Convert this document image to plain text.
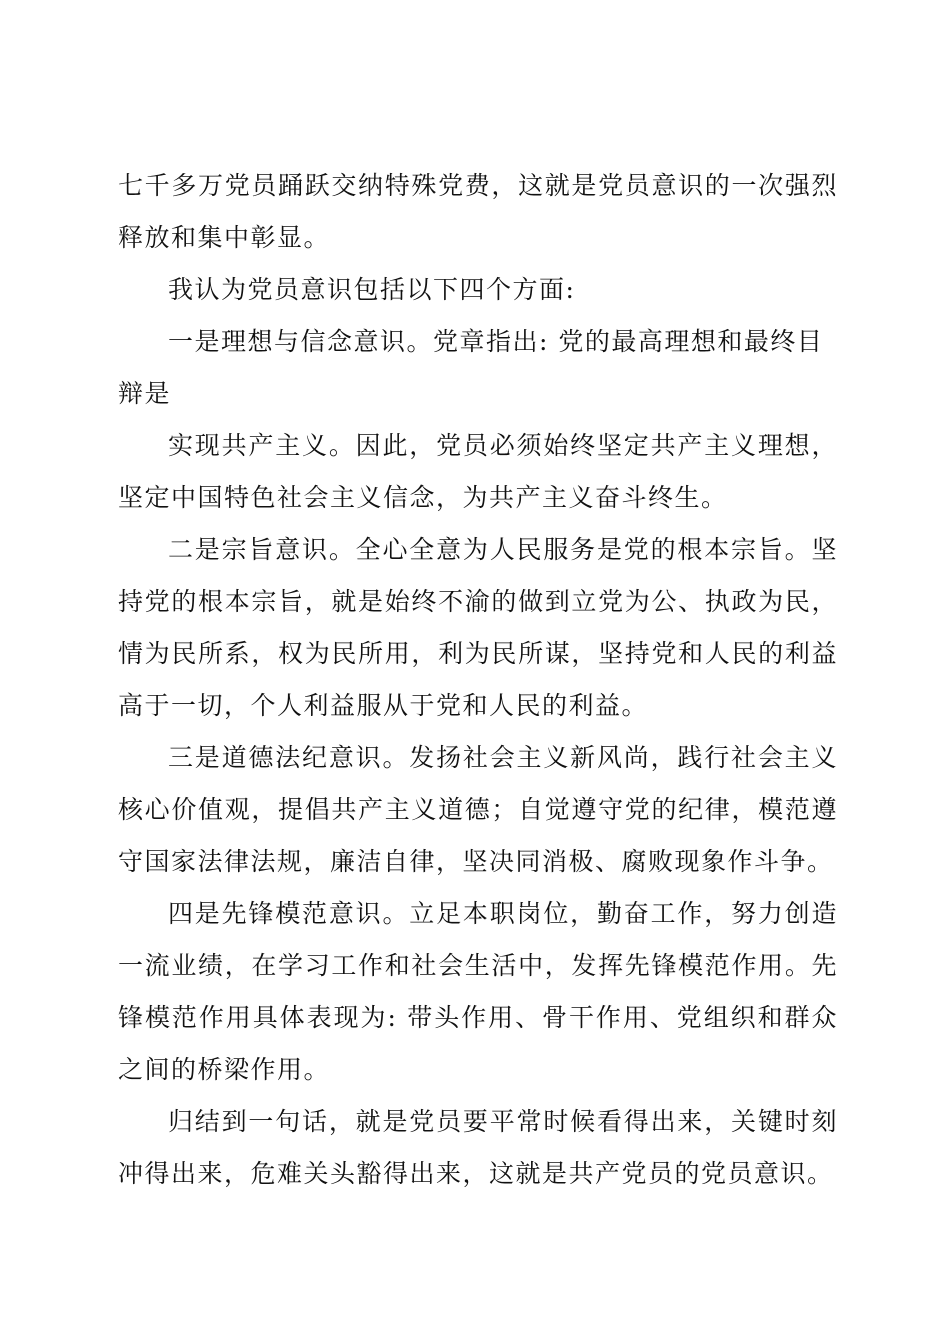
七千多万党员踊跃交纳特殊党费，这就是党员意识的一次强烈释放和集中彰显。

我认为党员意识包括以下四个方面:

一是理想与信念意识。党章指出: 党的最高理想和最终目

辩是

实现共产主义。因此，党员必须始终坚定共产主义理想，坚定中国特色社会主义信念，为共产主义奋斗终生。

二是宗旨意识。全心全意为人民服务是党的根本宗旨。坚持党的根本宗旨，就是始终不渝的做到立党为公、执政为民，情为民所系，权为民所用，利为民所谋，坚持党和人民的利益高于一切，个人利益服从于党和人民的利益。

三是道德法纪意识。发扬社会主义新风尚，践行社会主义核心价值观，提倡共产主义道德；自觉遵守党的纪律，模范遵守国家法律法规，廉洁自律，坚决同消极、腐败现象作斗争。

四是先锋模范意识。立足本职岗位，勤奋工作，努力创造一流业绩，在学习工作和社会生活中，发挥先锋模范作用。先锋模范作用具体表现为: 带头作用、骨干作用、党组织和群众之间的桥梁作用。

归结到一句话，就是党员要平常时候看得出来，关键时刻冲得出来，危难关头豁得出来，这就是共产党员的党员意识。
